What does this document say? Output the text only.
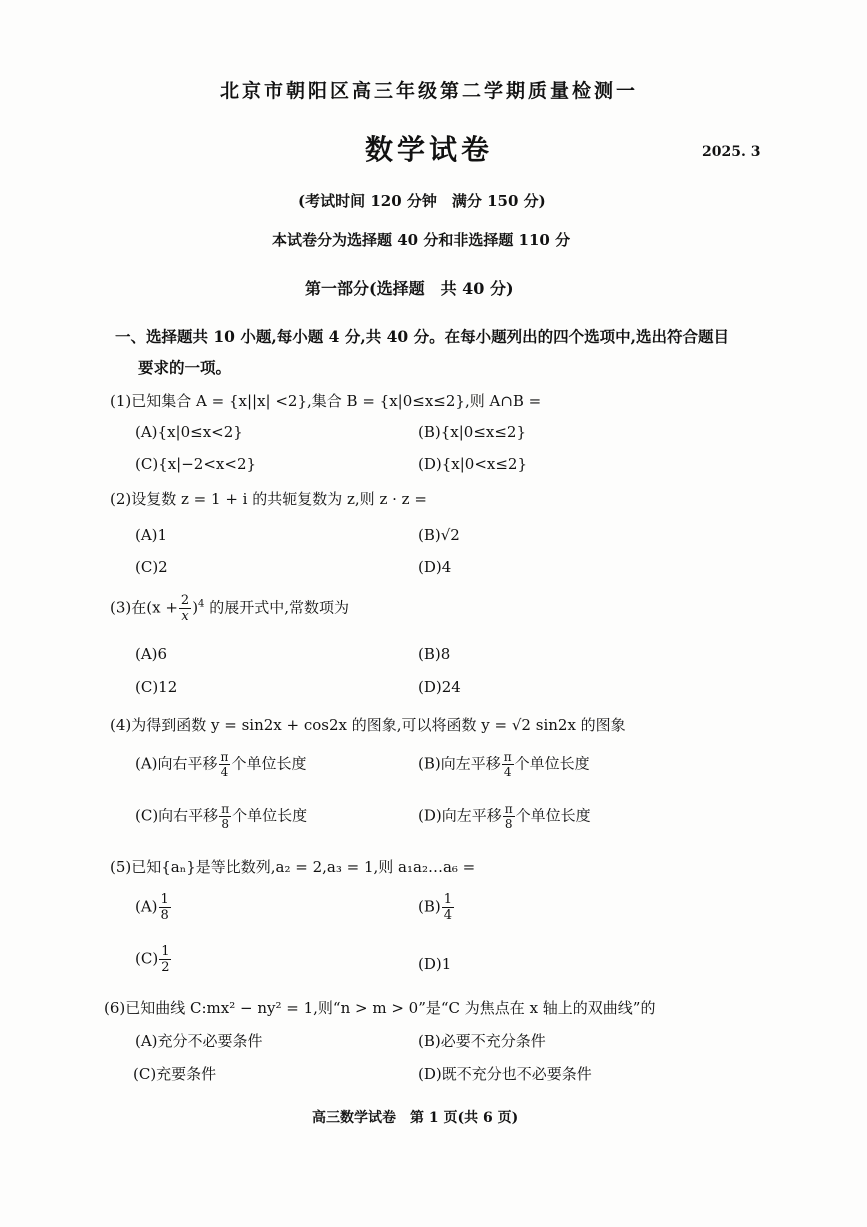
北京市朝阳区高三年级第二学期质量检测一
数学试卷	2025. 3
(考试时间 120 分钟　满分 150 分)
本试卷分为选择题 40 分和非选择题 110 分
第一部分(选择题　共 40 分)
一、选择题共 10 小题,每小题 4 分,共 40 分。在每小题列出的四个选项中,选出符合题目
要求的一项。
(1)已知集合 A = {x||x| <2},集合 B = {x|0≤x≤2},则 A∩B =
(A){x|0≤x<2}	(B){x|0≤x≤2}
(C){x|−2<x<2}	(D){x|0<x≤2}
(2)设复数 z = 1 + i 的共轭复数为 z,则 z · z =
(A)1	(B)√2
(C)2	(D)4
(3)在$(x + \frac{2}{x} )^4$ 的展开式中,常数项为
(A)6	(B)8
(C)12	(D)24
(4)为得到函数 y = sin2x + cos2x 的图象,可以将函数 y = √2 sin2x 的图象
(A)向右平移 $\frac{\pi}{4}$ 个单位长度	(B)向左平移 $\frac{\pi}{4}$ 个单位长度
(C)向右平移 $\frac{\pi}{8}$ 个单位长度	(D)向左平移 $\frac{\pi}{8}$ 个单位长度
(5)已知{aₙ}是等比数列,a₂ = 2,a₃ = 1,则 a₁a₂…a₆ =
$(A) \frac{1}{8}$	$(B) \frac{1}{4}$
$(C) \frac{1}{2}$	(D)1
(6)已知曲线 C:mx² − ny² = 1,则“n > m > 0”是“C 为焦点在 x 轴上的双曲线”的
(A)充分不必要条件	(B)必要不充分条件
(C)充要条件	(D)既不充分也不必要条件
高三数学试卷　第 1 页(共 6 页)
